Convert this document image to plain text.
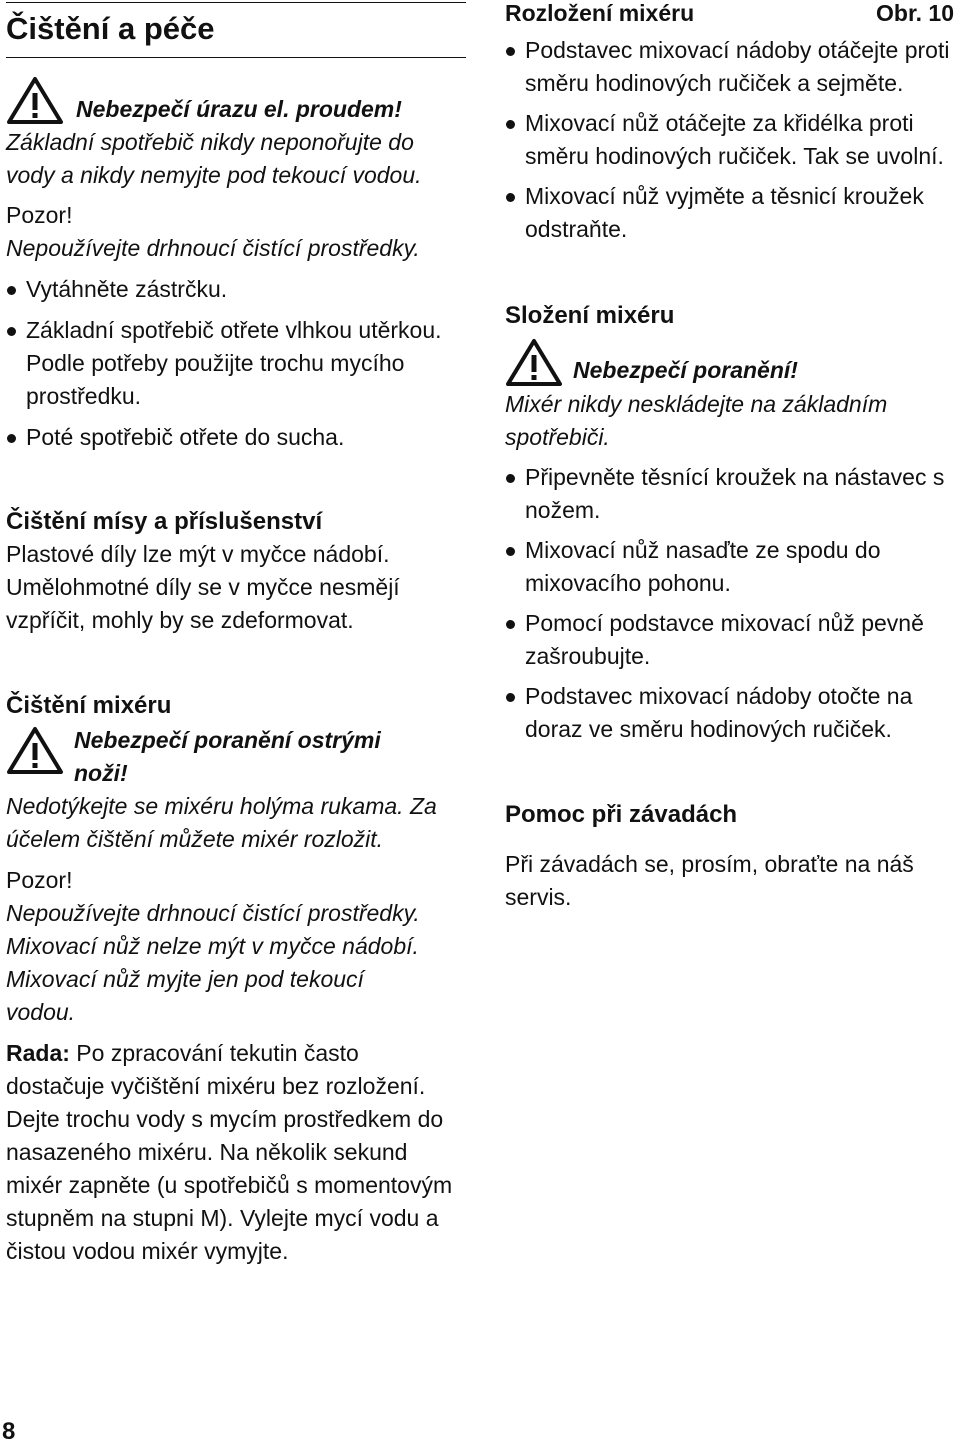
Čištění a péče
Nebezpečí úrazu el. proudem!

Základní spotřebič nikdy neponořujte do vody a nikdy nemyjte pod tekoucí vodou.

Pozor!

Nepoužívejte drhnoucí čistící prostředky.

Vytáhněte zástrčku.

Základní spotřebič otřete vlhkou utěrkou. Podle potřeby použijte trochu mycího prostředku.

Poté spotřebič otřete do sucha.

Čištění mísy a příslušenství

Plastové díly lze mýt v myčce nádobí. Umělohmotné díly se v myčce nesmějí vzpříčit, mohly by se zdeformovat.

Čištění mixéru

Nebezpečí poranění ostrými noži!

Nedotýkejte se mixéru holýma rukama. Za účelem čištění můžete mixér rozložit.

Pozor!

Nepoužívejte drhnoucí čistící prostředky.

Mixovací nůž nelze mýt v myčce nádobí.

Mixovací nůž myjte jen pod tekoucí vodou.

Rada: Po zpracování tekutin často dostačuje vyčištění mixéru bez rozložení. Dejte trochu vody s mycím prostředkem do nasazeného mixéru. Na několik sekund mixér zapněte (u spotřebičů s momentovým stupněm na stupni M). Vylejte mycí vodu a čistou vodou mixér vymyjte.

Rozložení mixéru	Obr. 10

Podstavec mixovací nádoby otáčejte proti směru hodinových ručiček a sejměte.

Mixovací nůž otáčejte za křidélka proti směru hodinových ručiček. Tak se uvolní.

Mixovací nůž vyjměte a těsnicí kroužek odstraňte.

Složení mixéru

Nebezpečí poranění!

Mixér nikdy neskládejte na základním spotřebiči.

Připevněte těsnící kroužek na nástavec s nožem.

Mixovací nůž nasaďte ze spodu do mixovacího pohonu.

Pomocí podstavce mixovací nůž pevně zašroubujte.

Podstavec mixovací nádoby otočte na doraz ve směru hodinových ručiček.

Pomoc při závadách

Při závadách se, prosím, obraťte na náš servis.

8
